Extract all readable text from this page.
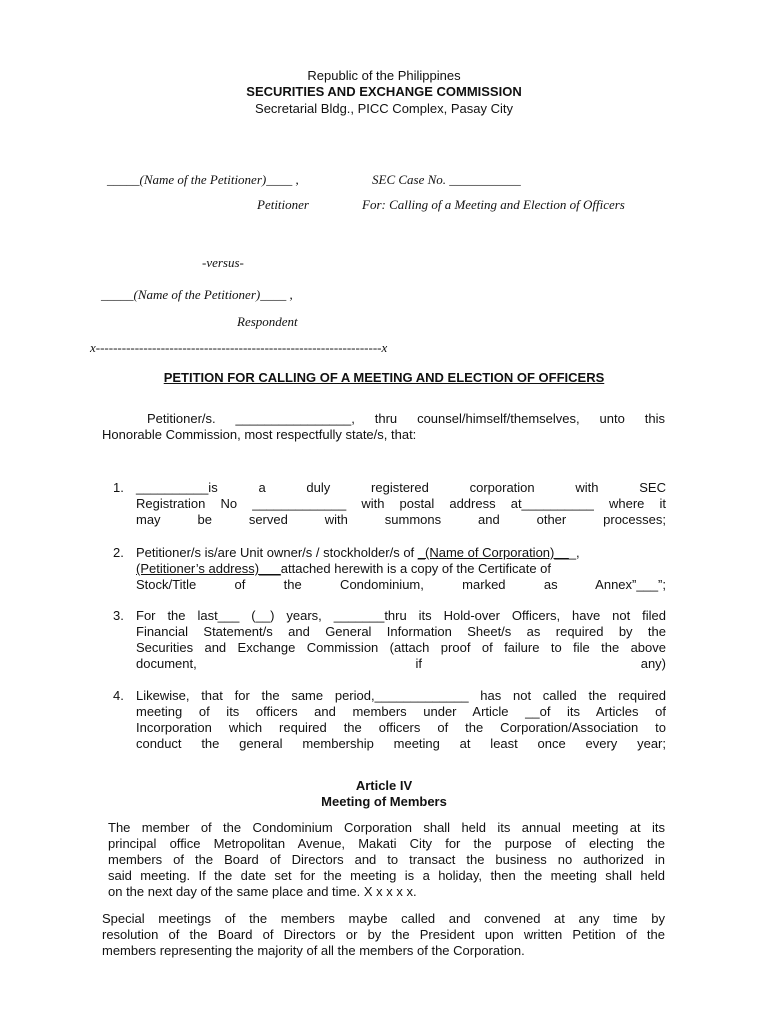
Republic of the Philippines
SECURITIES AND EXCHANGE COMMISSION
Secretarial Bldg., PICC Complex, Pasay City
_____(Name of the Petitioner)____ ,	SEC Case No. ___________
Petitioner	For: Calling of a Meeting and Election of Officers
-versus-
_____(Name of the Petitioner)____ ,
Respondent
x------------------------------------------------------------------x
PETITION FOR CALLING OF A MEETING AND ELECTION OF OFFICERS
Petitioner/s. ________________, thru counsel/himself/themselves, unto this
Honorable Commission, most respectfully state/s, that:
1. __________is a duly registered corporation with SEC
Registration No _____________ with postal address at__________ where it
may be served with summons and other processes;
2. Petitioner/s is/are Unit owner/s / stockholder/s of _(Name of Corporation)___,
(Petitioner’s address)___attached herewith is a copy of the Certificate of
Stock/Title of the Condominium, marked as Annex”___”;
3. For the last___ (__) years, _______thru its Hold-over Officers, have not filed
Financial Statement/s and General Information Sheet/s as required by the
Securities and Exchange Commission (attach proof of failure to file the above
document, if any)
4. Likewise, that for the same period,_____________ has not called the required
meeting of its officers and members under Article __of its Articles of
Incorporation which required the officers of the Corporation/Association to
conduct the general membership meeting at least once every year;
Article IV
Meeting of Members
The member of the Condominium Corporation shall held its annual meeting at its
principal office Metropolitan Avenue, Makati City for the purpose of electing the
members of the Board of Directors and to transact the business no authorized in
said meeting. If the date set for the meeting is a holiday, then the meeting shall held
on the next day of the same place and time. X x x x x.
Special meetings of the members maybe called and convened at any time by
resolution of the Board of Directors or by the President upon written Petition of the
members representing the majority of all the members of the Corporation.
